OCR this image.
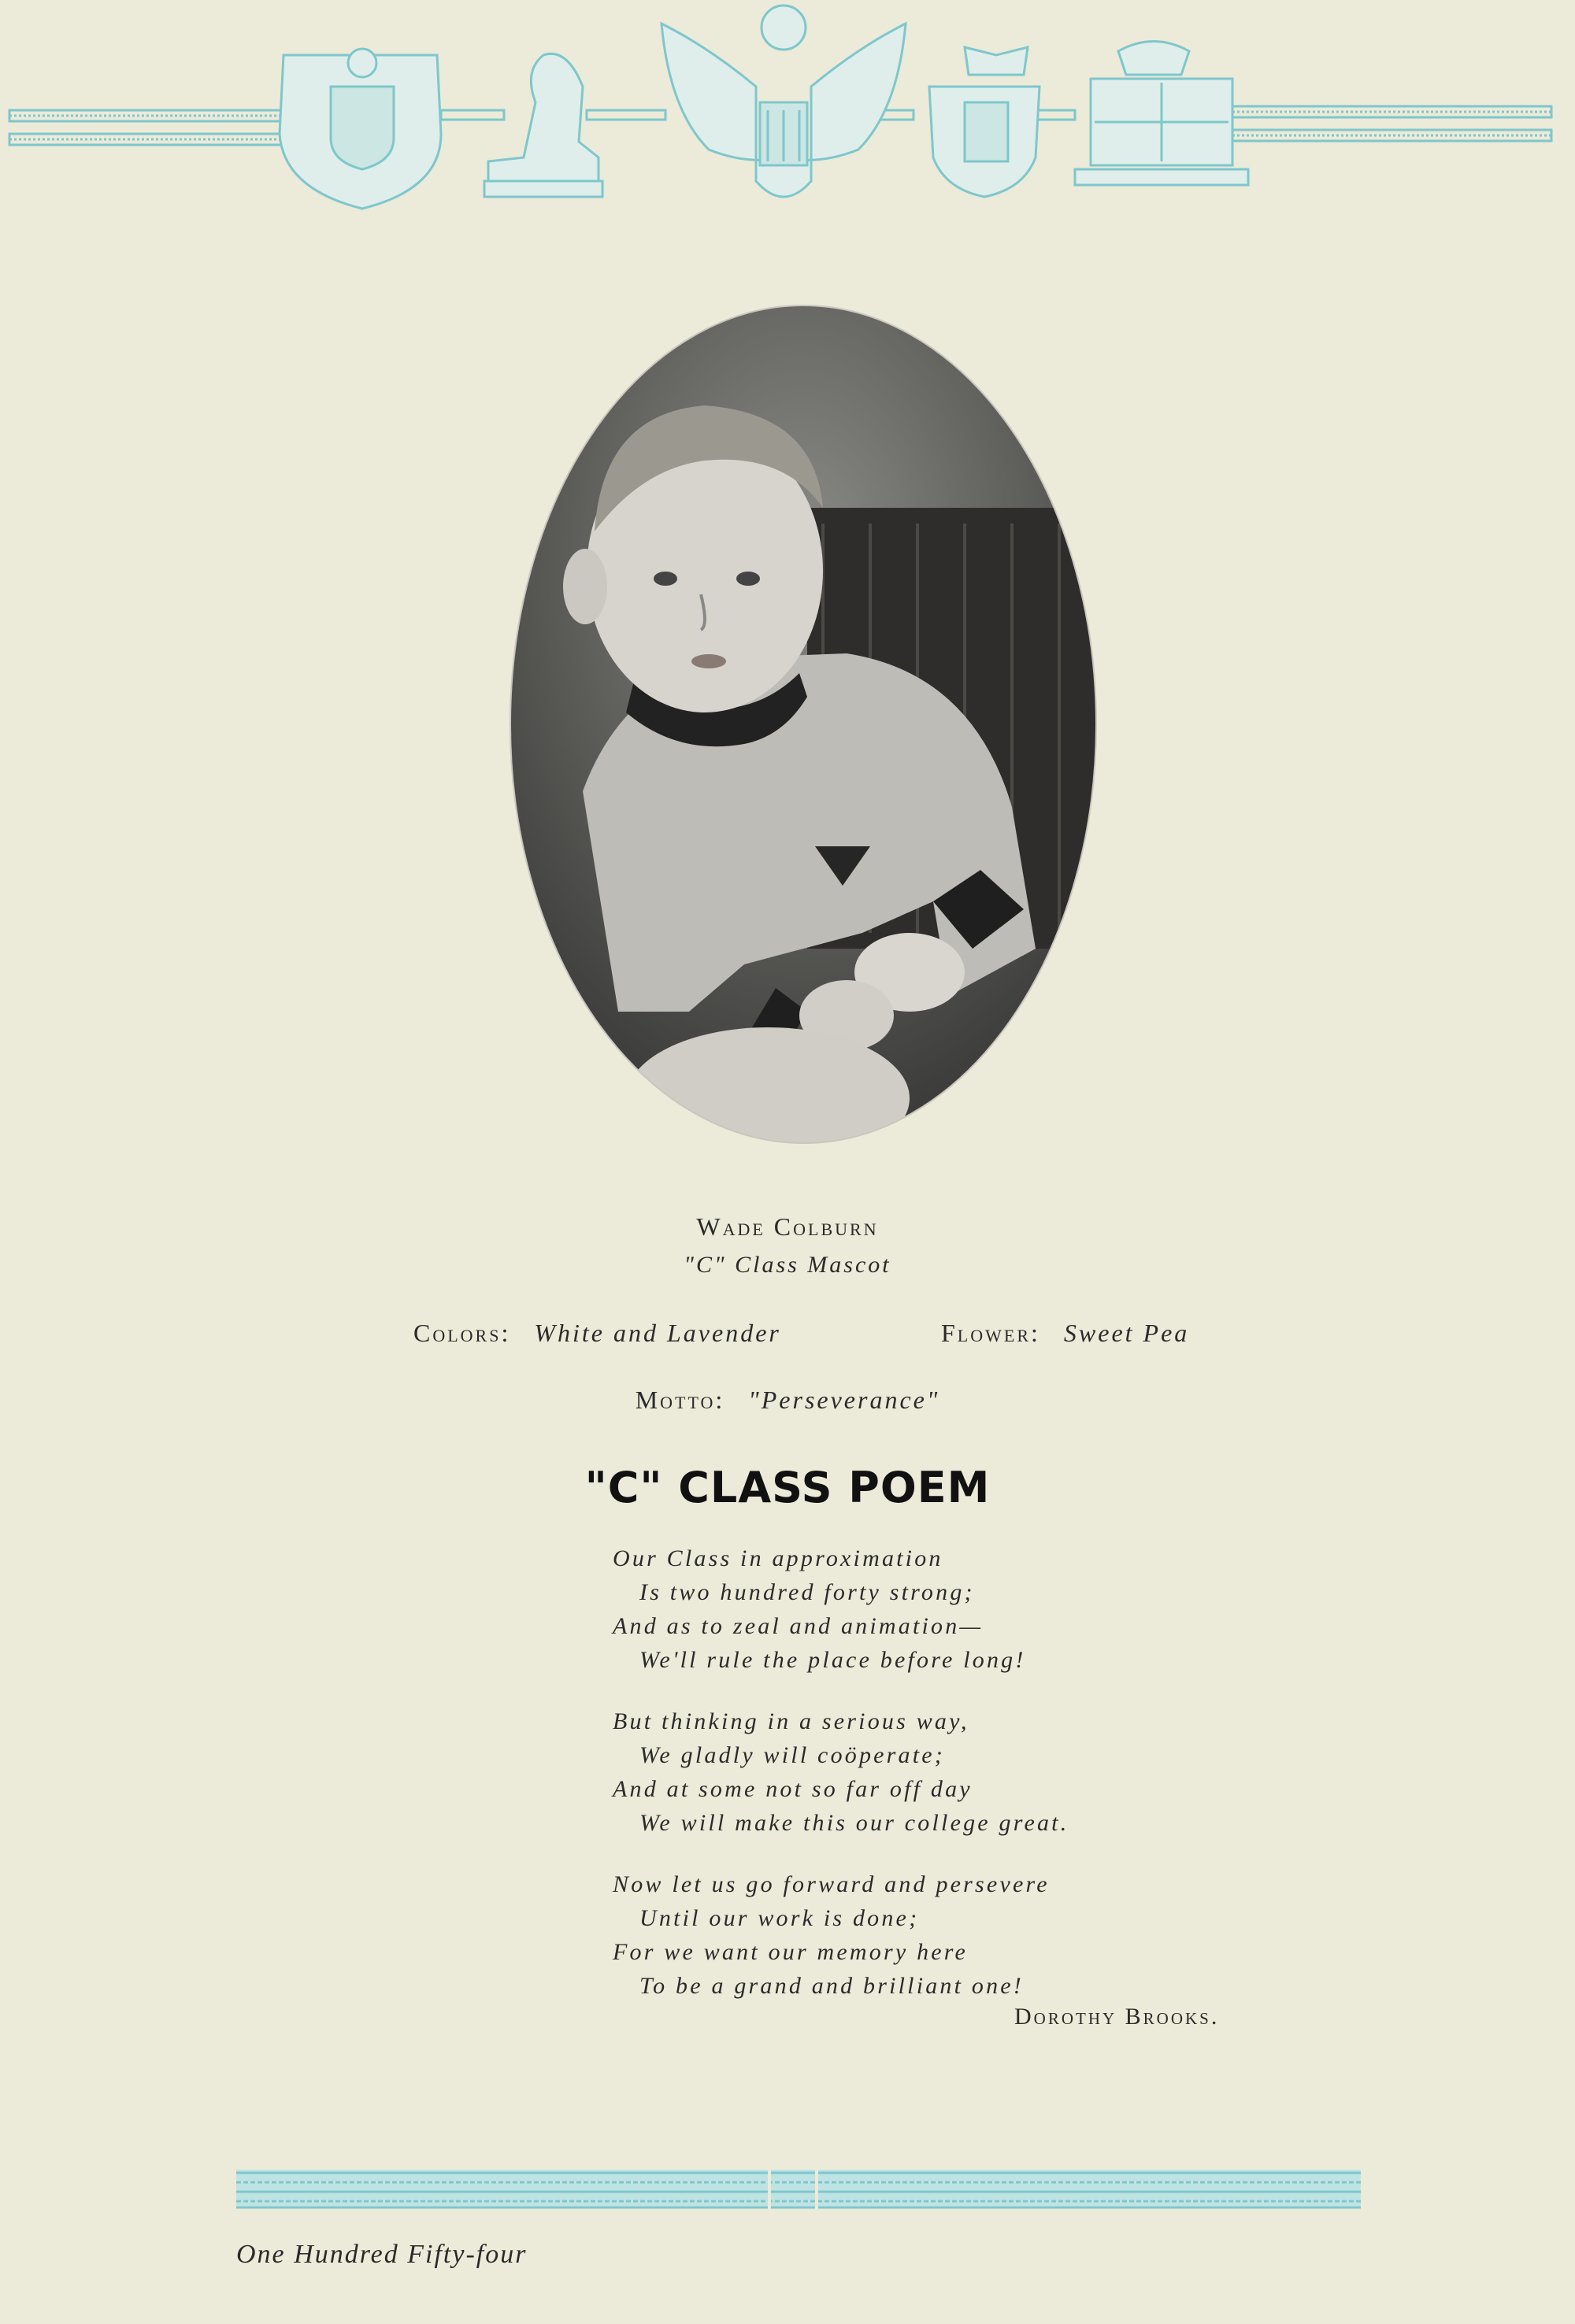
Wade Colburn
"C" Class Mascot
Colors: White and Lavender	Flower: Sweet Pea
Motto: "Perseverance"
"C" CLASS POEM
Our Class in approximation
Is two hundred forty strong;
And as to zeal and animation—
We'll rule the place before long!
But thinking in a serious way,
We gladly will coöperate;
And at some not so far off day
We will make this our college great.
Now let us go forward and persevere
Until our work is done;
For we want our memory here
To be a grand and brilliant one!
Dorothy Brooks.
One Hundred Fifty-four
